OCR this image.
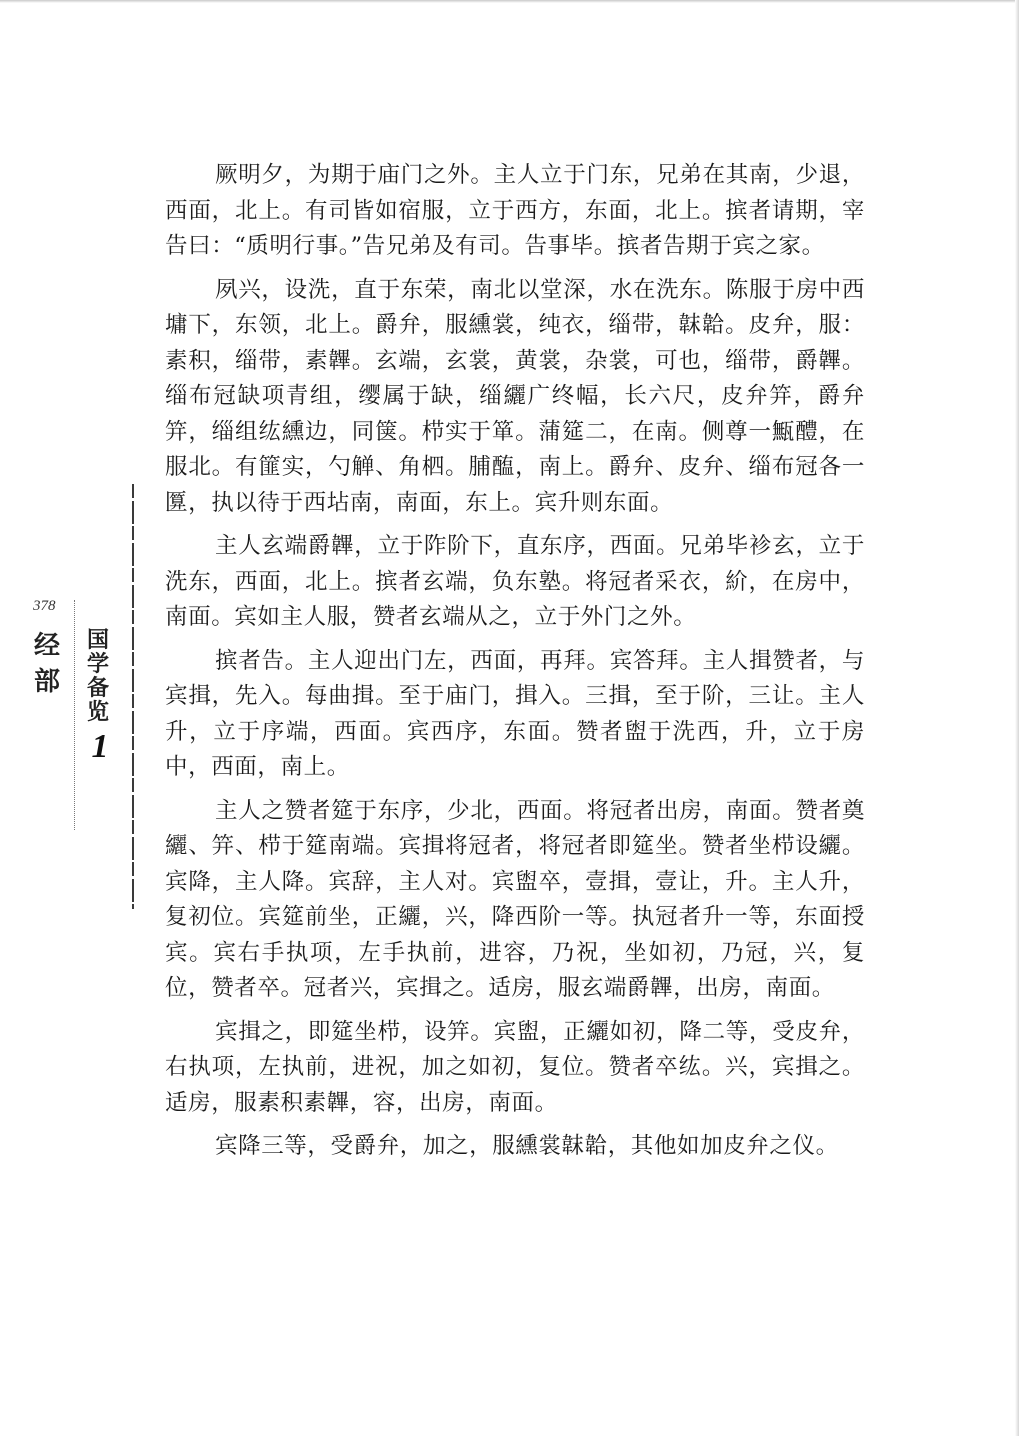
378
经部
国学备览
1

厥明夕，为期于庙门之外。主人立于门东，兄弟在其南，少退，西面，北上。有司皆如宿服，立于西方，东面，北上。摈者请期，宰告曰：“质明行事。”告兄弟及有司。告事毕。摈者告期于宾之家。

夙兴，设洗，直于东荣，南北以堂深，水在洗东。陈服于房中西墉下，东领，北上。爵弁，服纁裳，纯衣，缁带，韎韐。皮弁，服：素积，缁带，素韠。玄端，玄裳，黄裳，杂裳，可也，缁带，爵韠。缁布冠缺项青组，缨属于缺，缁纚广终幅，长六尺，皮弁笄，爵弁笄，缁组纮纁边，同箧。栉实于箪。蒲筵二，在南。侧尊一甒醴，在服北。有篚实，勺觯、角柶。脯醢，南上。爵弁、皮弁、缁布冠各一匴，执以待于西坫南，南面，东上。宾升则东面。

主人玄端爵韠，立于阼阶下，直东序，西面。兄弟毕袗玄，立于洗东，西面，北上。摈者玄端，负东塾。将冠者采衣，紒，在房中，南面。宾如主人服，赞者玄端从之，立于外门之外。

摈者告。主人迎出门左，西面，再拜。宾答拜。主人揖赞者，与宾揖，先入。每曲揖。至于庙门，揖入。三揖，至于阶，三让。主人升，立于序端，西面。宾西序，东面。赞者盥于洗西，升，立于房中，西面，南上。

主人之赞者筵于东序，少北，西面。将冠者出房，南面。赞者奠纚、笄、栉于筵南端。宾揖将冠者，将冠者即筵坐。赞者坐栉设纚。宾降，主人降。宾辞，主人对。宾盥卒，壹揖，壹让，升。主人升，复初位。宾筵前坐，正纚，兴，降西阶一等。执冠者升一等，东面授宾。宾右手执项，左手执前，进容，乃祝，坐如初，乃冠，兴，复位，赞者卒。冠者兴，宾揖之。适房，服玄端爵韠，出房，南面。

宾揖之，即筵坐栉，设笄。宾盥，正纚如初，降二等，受皮弁，右执项，左执前，进祝，加之如初，复位。赞者卒纮。兴，宾揖之。适房，服素积素韠，容，出房，南面。

宾降三等，受爵弁，加之，服纁裳韎韐，其他如加皮弁之仪。
